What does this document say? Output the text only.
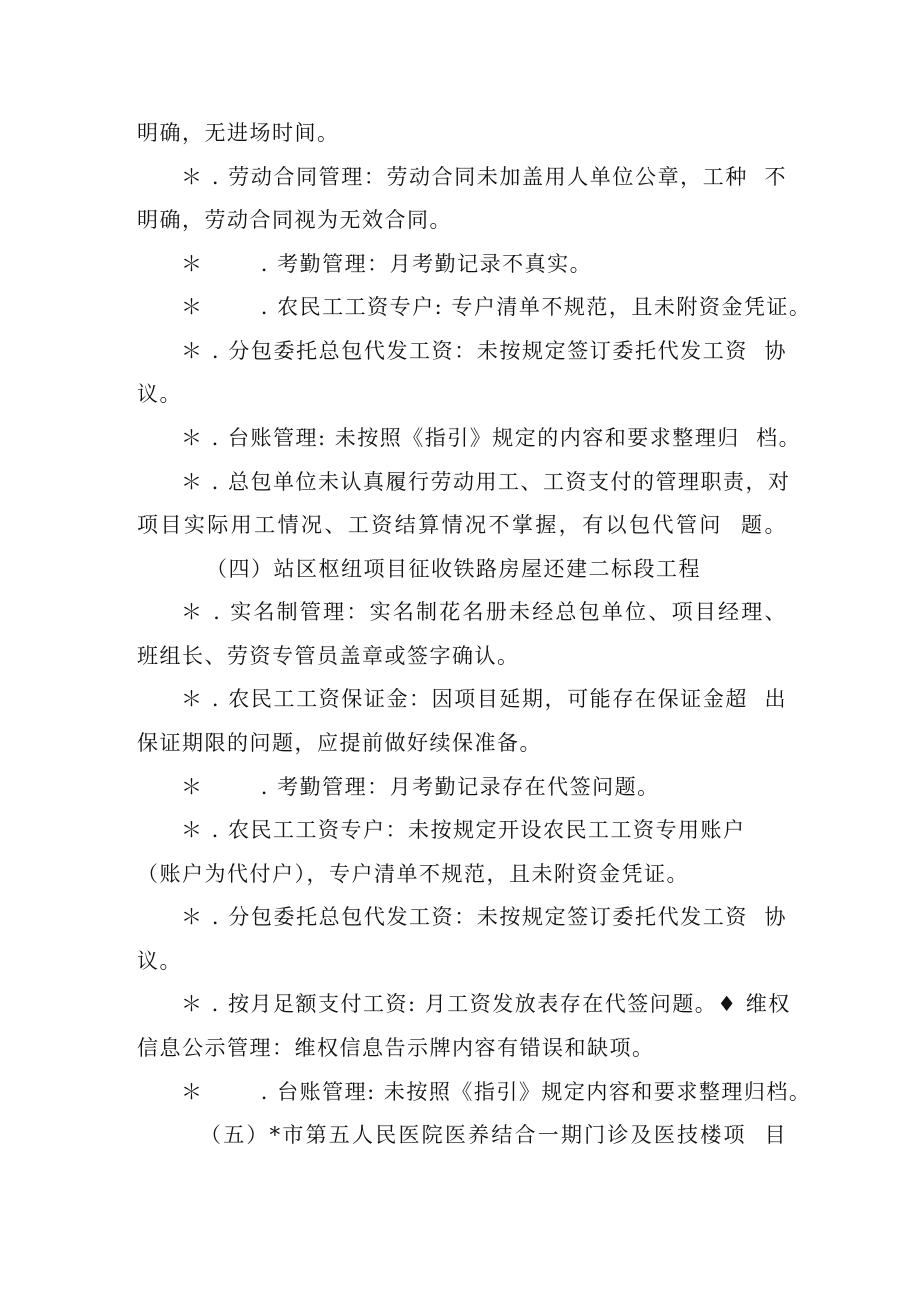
明确，无进场时间。
＊ . 劳动合同管理：劳动合同未加盖用人单位公章，工种  不
明确，劳动合同视为无效合同。
＊       . 考勤管理：月考勤记录不真实。
＊       . 农民工工资专户: 专户清单不规范，且未附资金凭证。
＊ . 分包委托总包代发工资：未按规定签订委托代发工资  协
议。
＊ . 台账管理: 未按照《指引》规定的内容和要求整理归  档。
＊ . 总包单位未认真履行劳动用工、工资支付的管理职责，对
项目实际用工情况、工资结算情况不掌握，有以包代管问  题。
（四）站区枢纽项目征收铁路房屋还建二标段工程
＊ . 实名制管理：实名制花名册未经总包单位、项目经理、
班组长、劳资专管员盖章或签字确认。
＊ . 农民工工资保证金：因项目延期，可能存在保证金超  出
保证期限的问题，应提前做好续保准备。
＊       . 考勤管理：月考勤记录存在代签问题。
＊ . 农民工工资专户：未按规定开设农民工工资专用账户
（账户为代付户），专户清单不规范，且未附资金凭证。
＊ . 分包委托总包代发工资：未按规定签订委托代发工资  协
议。
＊ . 按月足额支付工资: 月工资发放表存在代签问题。♦ 维权
信息公示管理：维权信息告示牌内容有错误和缺项。
＊       . 台账管理: 未按照《指引》规定内容和要求整理归档。
（五）*市第五人民医院医养结合一期门诊及医技楼项  目
